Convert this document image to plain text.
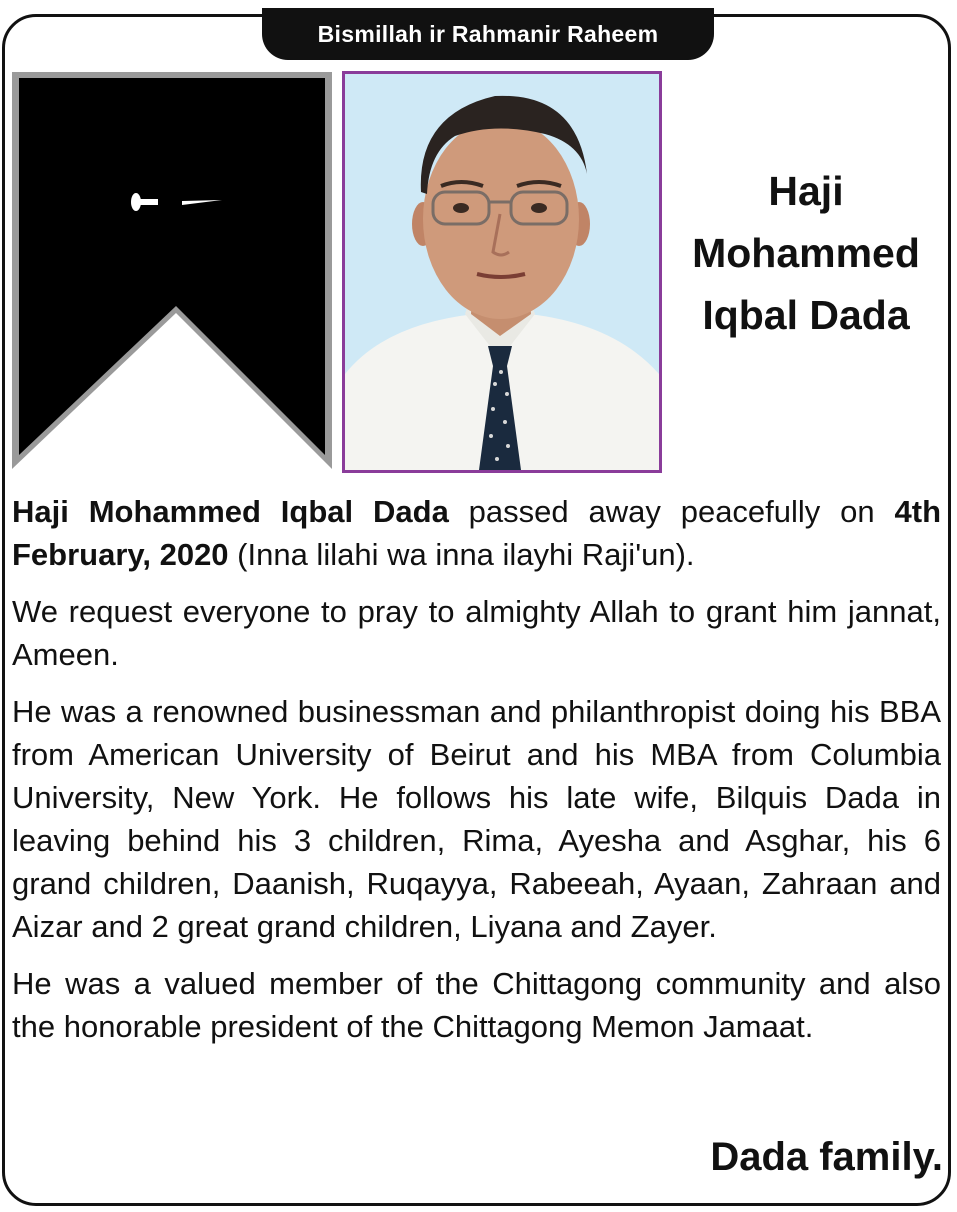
Bismillah ir Rahmanir Raheem
Haji
Mohammed
Iqbal Dada

Haji Mohammed Iqbal Dada passed away peacefully on 4th February, 2020 (Inna lilahi wa inna ilayhi Raji'un).

We request everyone to pray to almighty Allah to grant him jannat, Ameen.

He was a renowned businessman and philanthropist doing his BBA from American University of Beirut and his MBA from Columbia University, New York. He follows his late wife, Bilquis Dada in leaving behind his 3 children, Rima, Ayesha and Asghar, his 6 grand children, Daanish, Ruqayya, Rabeeah, Ayaan, Zahraan and Aizar and 2 great grand children, Liyana and Zayer.

He was a valued member of the Chittagong community and also the honorable president of the Chittagong Memon Jamaat.

Dada family.
